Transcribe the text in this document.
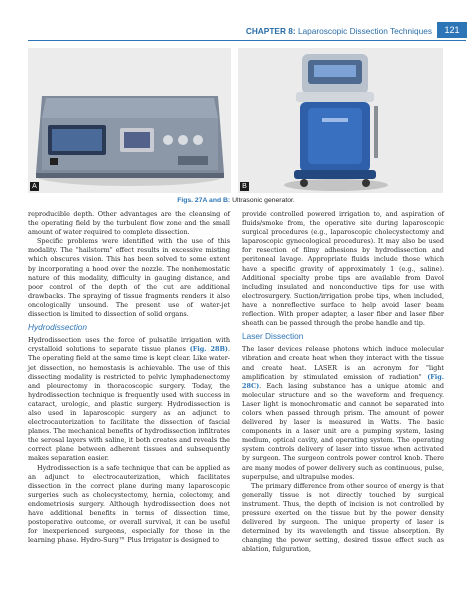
CHAPTER 8: Laparoscopic Dissection Techniques	121
A	B
Figs. 27A and B: Ultrasonic generator.

reproducible depth. Other advantages are the cleansing of the operating field by the turbulent flow zone and the small amount of water required to complete dissection.

Specific problems were identified with the use of this modality. The "hailstorm" effect results in excessive misting which obscures vision. This has been solved to some extent by incorporating a hood over the nozzle. The nonhemostatic nature of this modality, difficulty in gauging distance, and poor control of the depth of the cut are additional drawbacks. The spraying of tissue fragments renders it also oncologically unsound. The present use of water-jet dissection is limited to dissection of solid organs.

Hydrodissection

Hydrodissection uses the force of pulsatile irrigation with crystalloid solutions to separate tissue planes (Fig. 28B). The operating field at the same time is kept clear. Like water-jet dissection, no hemostasis is achievable. The use of this dissecting modality is restricted to pelvic lymphadenectomy and pleurectomy in thoracoscopic surgery. Today, the hydrodissection technique is frequently used with success in cataract, urologic, and plastic surgery. Hydrodissection is also used in laparoscopic surgery as an adjunct to electrocauterization to facilitate the dissection of fascial planes. The mechanical benefits of hydrodissection infiltrates the serosal layers with saline, it both creates and reveals the correct plane between adherent tissues and subsequently makes separation easier.

Hydrodissection is a safe technique that can be applied as an adjunct to electrocauterization, which facilitates dissection in the correct plane during many laparoscopic surgeries such as cholecystectomy, hernia, colectomy, and endometriosis surgery. Although hydrodissection does not have additional benefits in terms of dissection time, postoperative outcome, or overall survival, it can be useful for inexperienced surgeons, especially for those in the learning phase. Hydro-Surg™ Plus Irrigator is designed to

provide controlled powered irrigation to, and aspiration of fluids/smoke from, the operative site during laparoscopic surgical procedures (e.g., laparoscopic cholecystectomy and laparoscopic gynecological procedures). It may also be used for resection of filmy adhesions by hydrodissection and peritoneal lavage. Appropriate fluids include those which have a specific gravity of approximately 1 (e.g., saline). Additional specialty probe tips are available from Davol including insulated and nonconductive tips for use with electrosurgery. Suction/irrigation probe tips, when included, have a nonreflective surface to help avoid laser beam reflection. With proper adapter, a laser fiber and laser fiber sheath can be passed through the probe handle and tip.

Laser Dissection

The laser devices release photons which induce molecular vibration and create heat when they interact with the tissue and create heat. LASER is an acronym for "light amplification by stimulated emission of radiation" (Fig. 28C). Each lasing substance has a unique atomic and molecular structure and so the waveform and frequency. Laser light is monochromatic and cannot be separated into colors when passed through prism. The amount of power delivered by laser is measured in Watts. The basic components in a laser unit are a pumping system, lasing medium, optical cavity, and operating system. The operating system controls delivery of laser into tissue when activated by surgeon. The surgeon controls power control knob. There are many modes of power delivery such as continuous, pulse, superpulse, and ultrapulse modes.

The primary difference from other source of energy is that generally tissue is not directly touched by surgical instrument. Thus, the depth of incision is not controlled by pressure exerted on the tissue but by the power density delivered by surgeon. The unique property of laser is determined by its wavelength and tissue absorption. By changing the power setting, desired tissue effect such as ablation, fulguration,
